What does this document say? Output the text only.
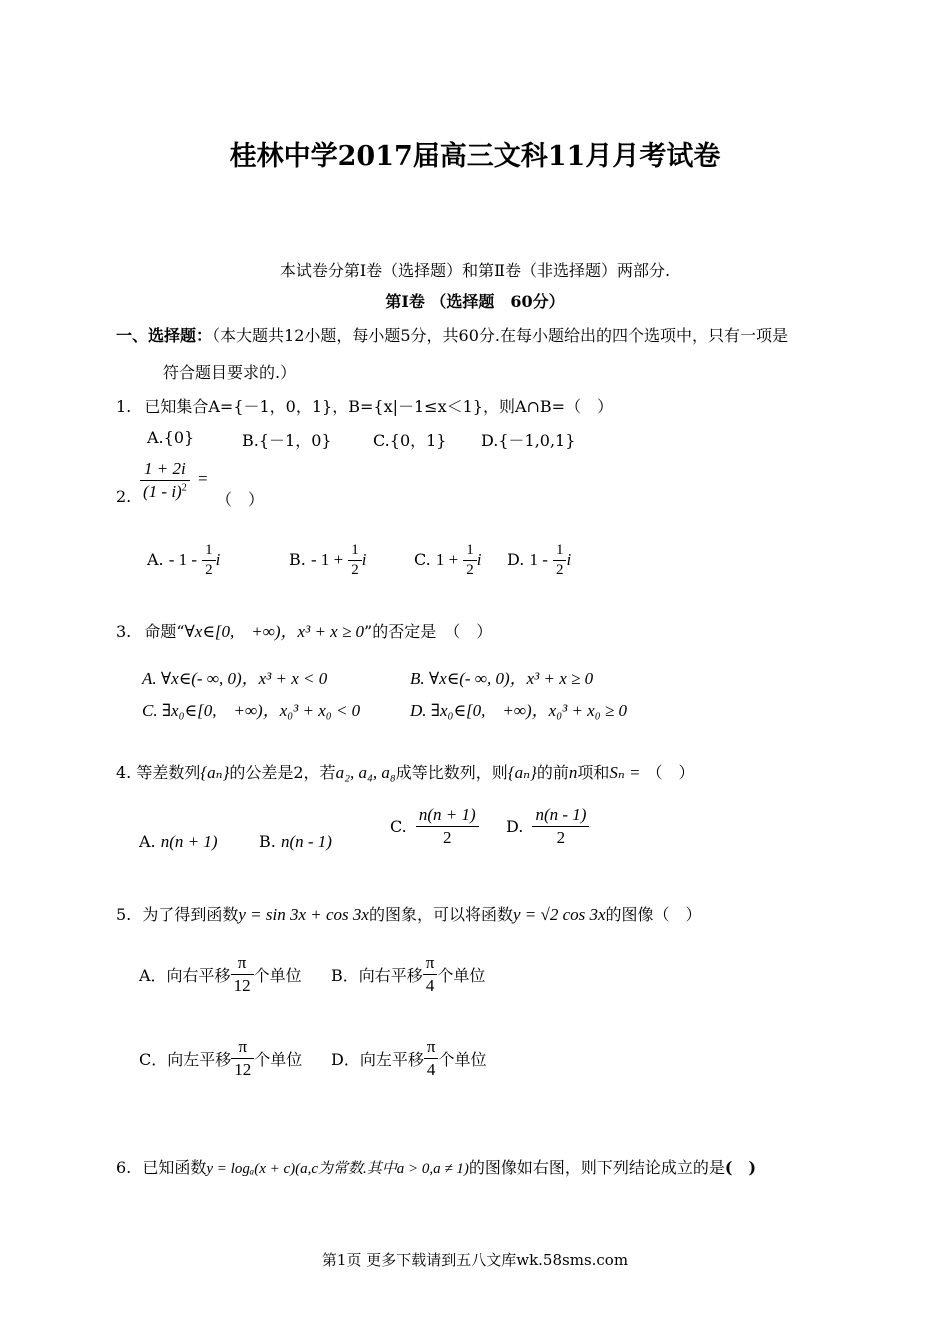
桂林中学2017届高三文科11月月考试卷
本试卷分第Ⅰ卷（选择题）和第Ⅱ卷（非选择题）两部分.
第Ⅰ卷 （选择题　60分）
一、选择题：（本大题共12小题，每小题5分，共60分.在每小题给出的四个选项中，只有一项是
符合题目要求的.）
1. 已知集合A={－1，0，1}，B={x|－1≤x＜1}，则A∩B=（　）
A.{0}	B.{－1，0}	C.{0，1} D.{－1,0,1}
2. $\frac{1 + 2i}{(1 - i)^2}$ =
（　）
A. - $1 - \frac{1}{2}$ i	B. - $1 + \frac{1}{2}$ i	C. $1 + \frac{1}{2}$ i D. $1 - \frac{1}{2}$ i
3. 命题“∀x∈[0,　+∞)，x³ + x ≥ 0”的否定是　（　）
A. ∀x∈(- ∞, 0)，x³ + x < 0	B. ∀x∈(- ∞, 0)，x³ + x ≥ 0
C. ∃x₀∈[0,　+∞)，x₀³ + x₀ < 0	D. ∃x₀∈[0,　+∞)，x₀³ + x₀ ≥ 0
4. 等差数列{aₙ}的公差是2，若a₂, a₄, a₈成等比数列，则{aₙ}的前n项和Sₙ = （　）
A. n(n + 1)	B. n(n - 1)
C. $\frac{n(n + 1)}{2} D$. $\frac{n(n - 1)}{2}$
5. 为了得到函数y = sin 3x + cos 3x的图象，可以将函数y = √2 cos 3x的图像（　）
A．向右平移 $\frac{\pi}{12}$ 个单位 B．向右平移 $\frac{\pi}{4}$ 个单位
C．向左平移 $\frac{\pi}{12}$ 个单位 D．向左平移 $\frac{\pi}{4}$ 个单位
6. 已知函数y = logₐ(x + c)(a,c为常数.其中a > 0,a ≠ 1)的图像如右图，则下列结论成立的是(　)
第1页 更多下载请到五八文库wk.58sms.com
